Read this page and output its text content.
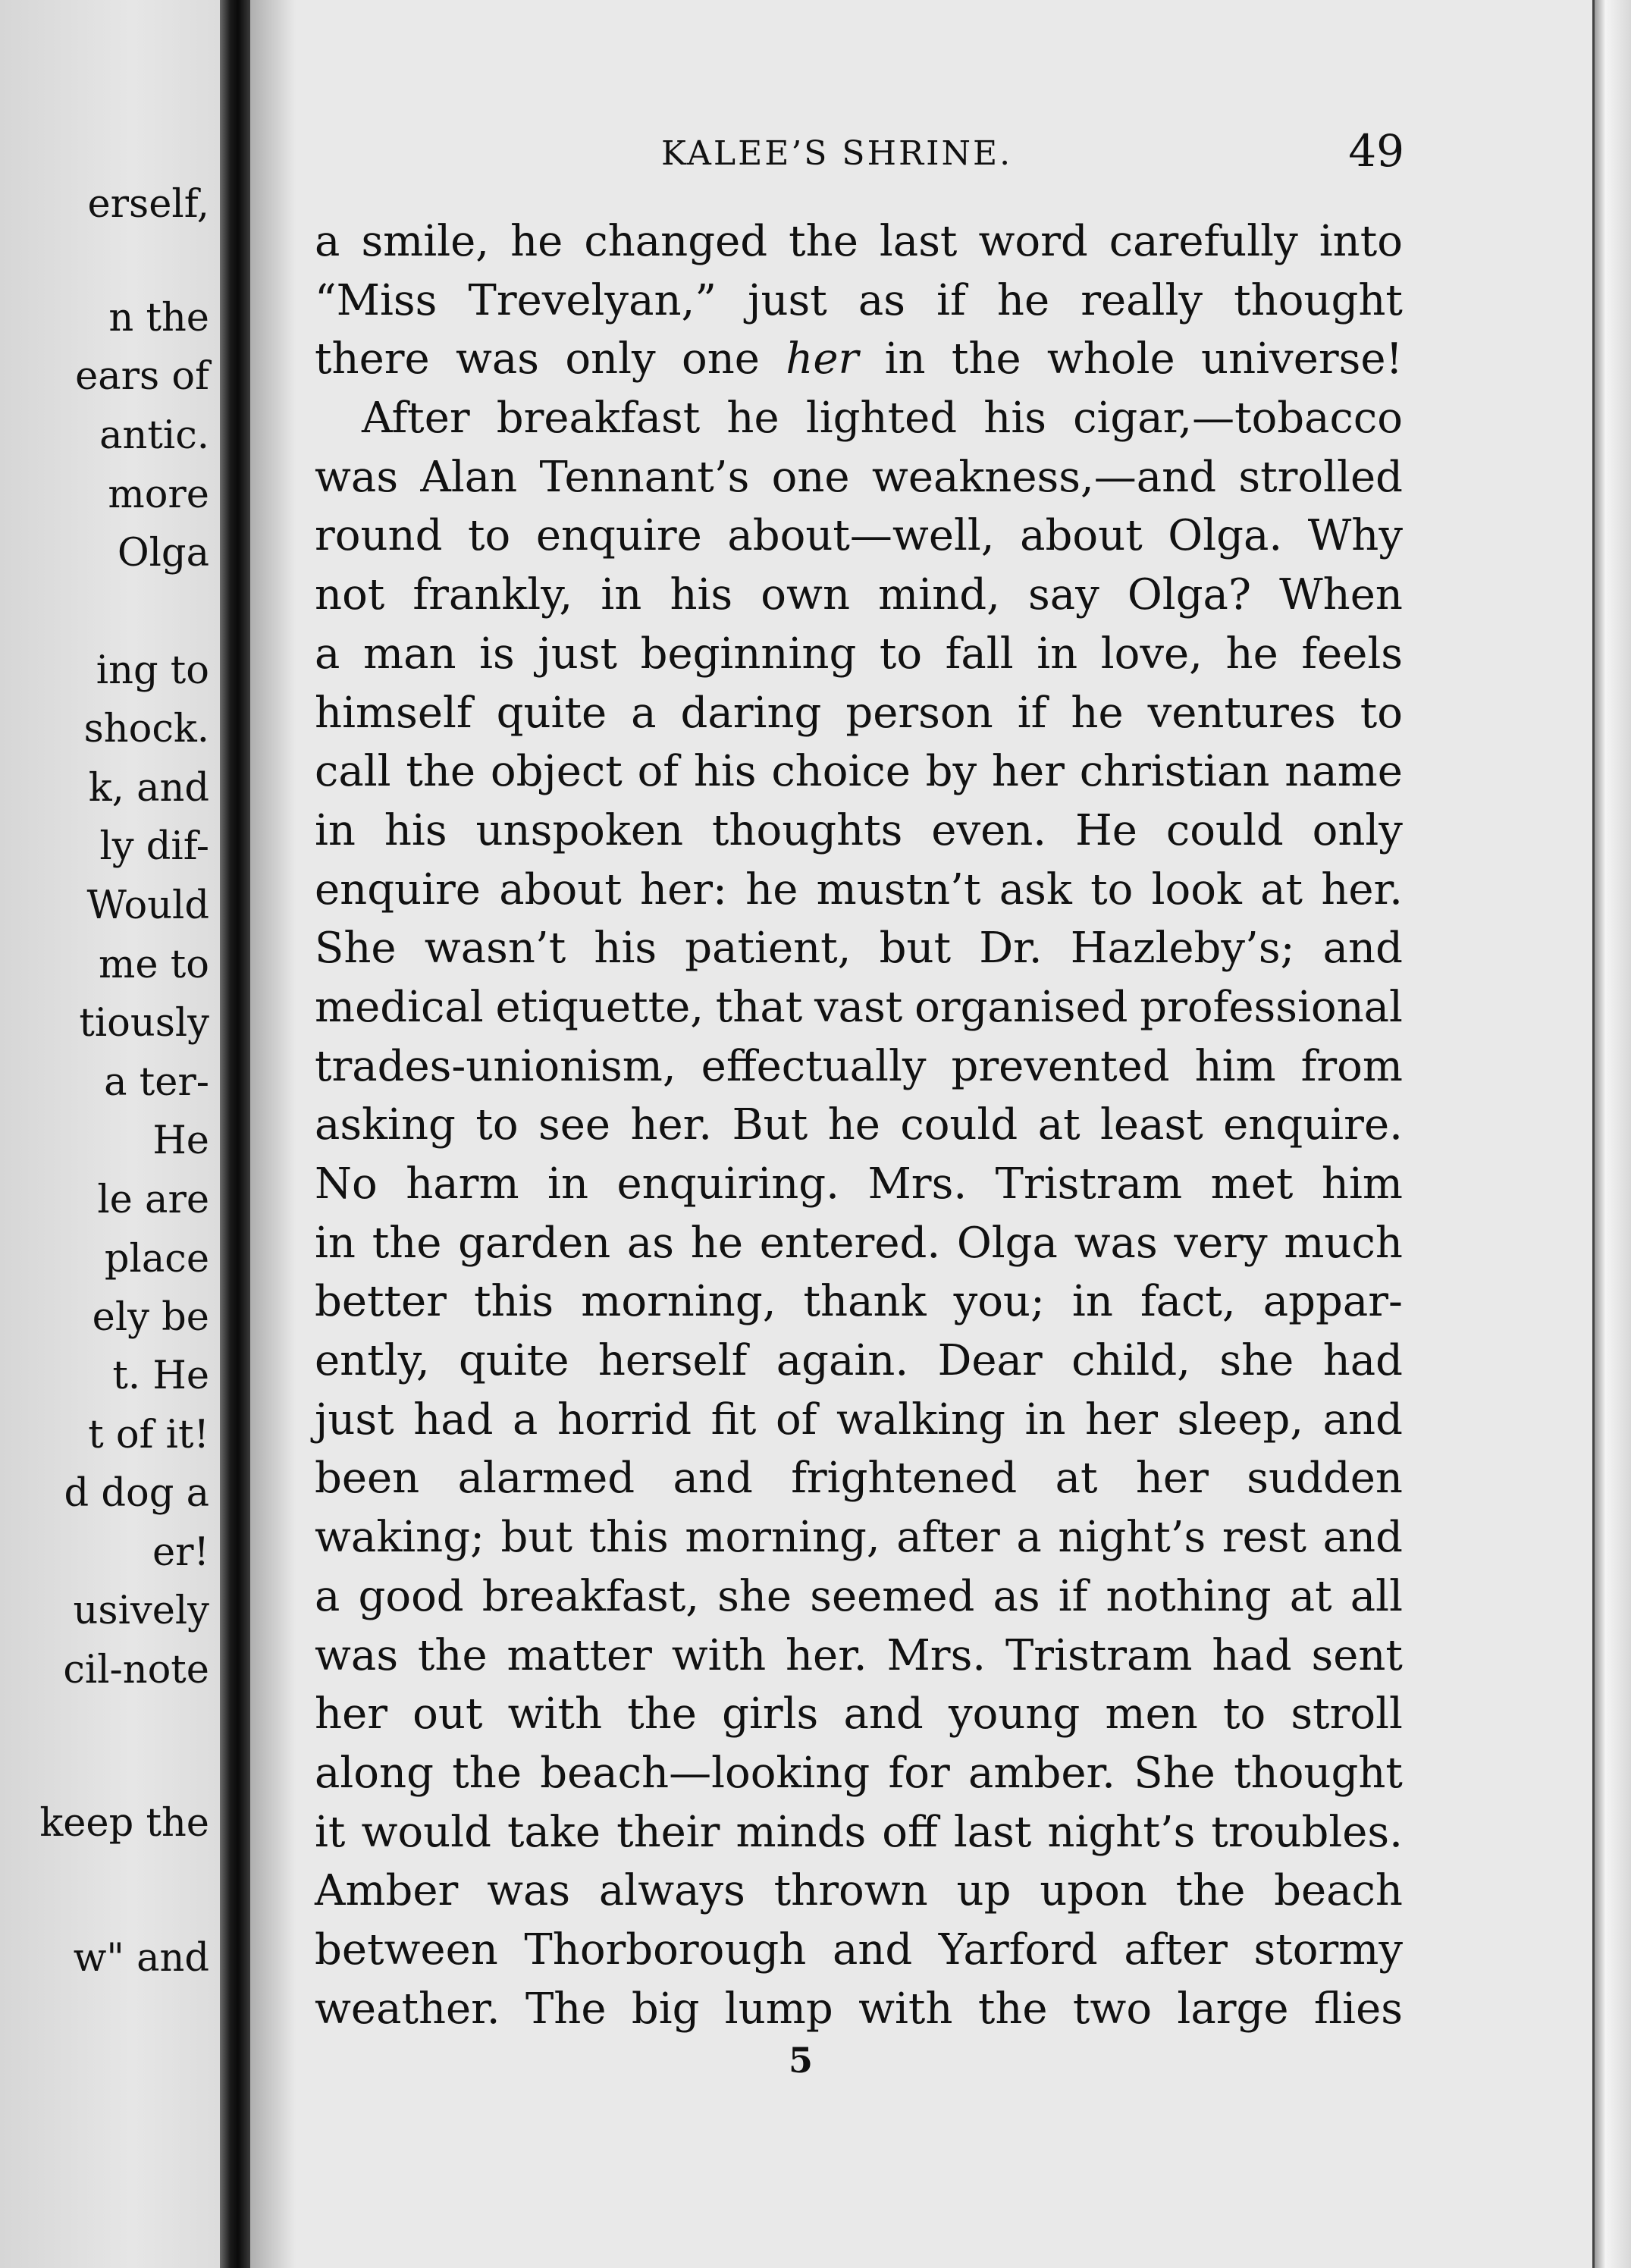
erself,
n the
ears of
antic.
more
Olga
ing to
shock.
k, and
ly dif-
Would
me to
tiously
a ter-
He
le are
place
ely be
t. He
t of it!
d dog a
er!
usively
cil-note
keep the
w" and
KALEE’S SHRINE.	49
a smile, he changed the last word carefully into
“Miss Trevelyan,” just as if he really thought
there was only one her in the whole universe!
After breakfast he lighted his cigar,—tobacco
was Alan Tennant’s one weakness,—and strolled
round to enquire about—well, about Olga. Why
not frankly, in his own mind, say Olga? When
a man is just beginning to fall in love, he feels
himself quite a daring person if he ventures to
call the object of his choice by her christian name
in his unspoken thoughts even. He could only
enquire about her: he mustn’t ask to look at her.
She wasn’t his patient, but Dr. Hazleby’s; and
medical etiquette, that vast organised professional
trades-unionism, effectually prevented him from
asking to see her. But he could at least enquire.
No harm in enquiring. Mrs. Tristram met him
in the garden as he entered. Olga was very much
better this morning, thank you; in fact, appar-
ently, quite herself again. Dear child, she had
just had a horrid fit of walking in her sleep, and
been alarmed and frightened at her sudden
waking; but this morning, after a night’s rest and
a good breakfast, she seemed as if nothing at all
was the matter with her. Mrs. Tristram had sent
her out with the girls and young men to stroll
along the beach—looking for amber. She thought
it would take their minds off last night’s troubles.
Amber was always thrown up upon the beach
between Thorborough and Yarford after stormy
weather. The big lump with the two large flies
5
